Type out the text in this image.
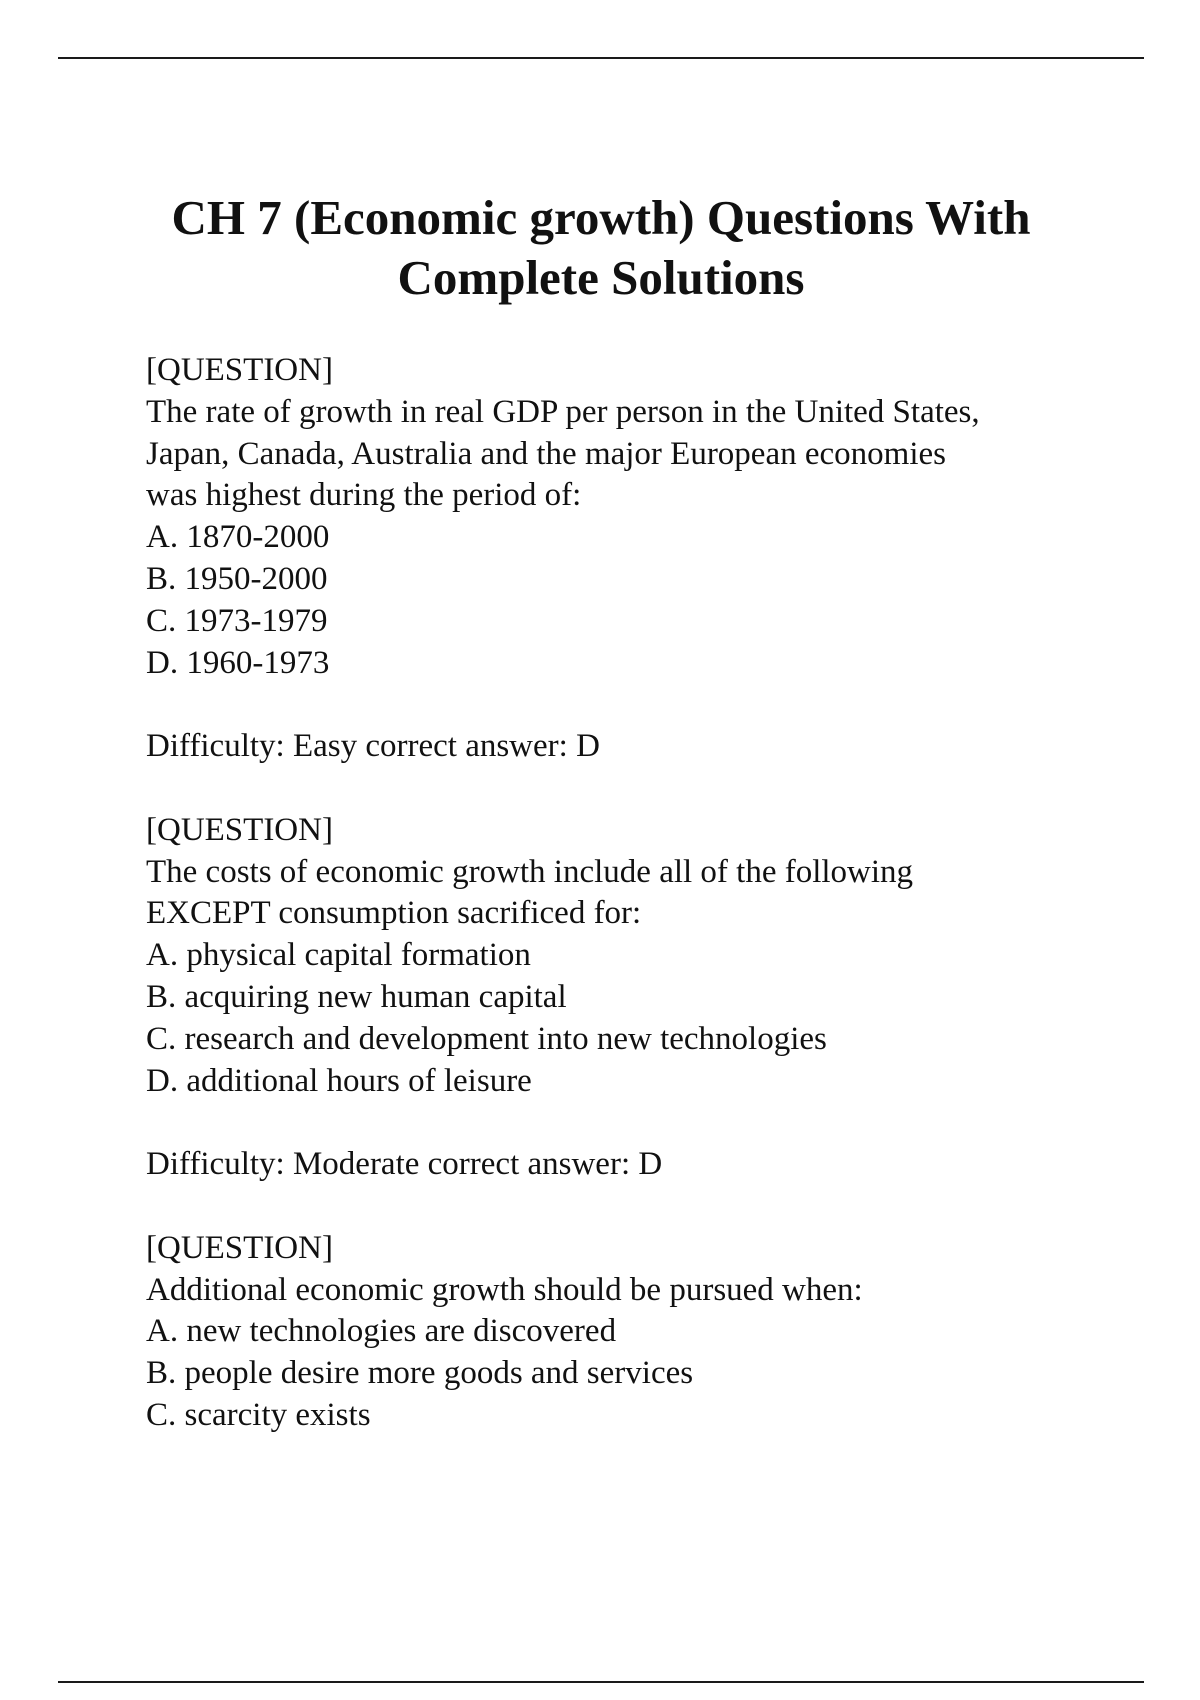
CH 7 (Economic growth) Questions With
Complete Solutions
[QUESTION]
The rate of growth in real GDP per person in the United States,
Japan, Canada, Australia and the major European economies
was highest during the period of:
A. 1870-2000
B. 1950-2000
C. 1973-1979
D. 1960-1973
Difficulty: Easy correct answer: D
[QUESTION]
The costs of economic growth include all of the following
EXCEPT consumption sacrificed for:
A. physical capital formation
B. acquiring new human capital
C. research and development into new technologies
D. additional hours of leisure
Difficulty: Moderate correct answer: D
[QUESTION]
Additional economic growth should be pursued when:
A. new technologies are discovered
B. people desire more goods and services
C. scarcity exists
